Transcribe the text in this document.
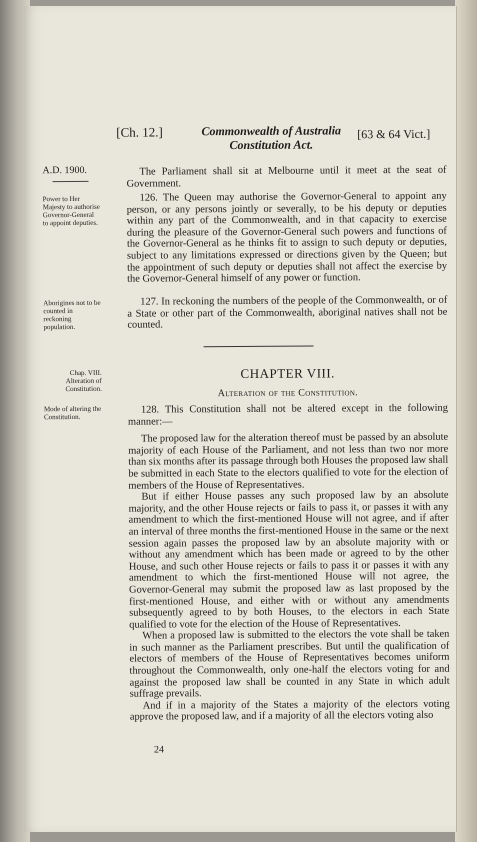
[Ch. 12.]	Commonwealth of Australia
Constitution Act.
[63 & 64 Vict.]
A.D. 1900.	The Parliament shall sit at Melbourne until it meet at the seat of Government.

Power to Her Majesty to authorise Governor-General to appoint deputies.

126. The Queen may authorise the Governor-General to appoint any person, or any persons jointly or severally, to be his deputy or deputies within any part of the Commonwealth, and in that capacity to exercise during the pleasure of the Governor-General such powers and functions of the Governor-General as he thinks fit to assign to such deputy or deputies, subject to any limitations expressed or directions given by the Queen; but the appointment of such deputy or deputies shall not affect the exercise by the Governor-General himself of any power or function.

Aborigines not to be counted in reckoning population.

127. In reckoning the numbers of the people of the Commonwealth, or of a State or other part of the Commonwealth, aboriginal natives shall not be counted.

Chap. VIII. Alteration of Constitution.
CHAPTER VIII.
Alteration of the Constitution.
Mode of altering the Constitution.

128. This Constitution shall not be altered except in the following manner:—

The proposed law for the alteration thereof must be passed by an absolute majority of each House of the Parliament, and not less than two nor more than six months after its passage through both Houses the proposed law shall be submitted in each State to the electors qualified to vote for the election of members of the House of Representatives.

But if either House passes any such proposed law by an absolute majority, and the other House rejects or fails to pass it, or passes it with any amendment to which the first-mentioned House will not agree, and if after an interval of three months the first-mentioned House in the same or the next session again passes the proposed law by an absolute majority with or without any amendment which has been made or agreed to by the other House, and such other House rejects or fails to pass it or passes it with any amendment to which the first-mentioned House will not agree, the Governor-General may submit the proposed law as last proposed by the first-mentioned House, and either with or without any amendments subsequently agreed to by both Houses, to the electors in each State qualified to vote for the election of the House of Representatives.

When a proposed law is submitted to the electors the vote shall be taken in such manner as the Parliament prescribes. But until the qualification of electors of members of the House of Representatives becomes uniform throughout the Commonwealth, only one-half the electors voting for and against the proposed law shall be counted in any State in which adult suffrage prevails.

And if in a majority of the States a majority of the electors voting approve the proposed law, and if a majority of all the electors voting also

24
